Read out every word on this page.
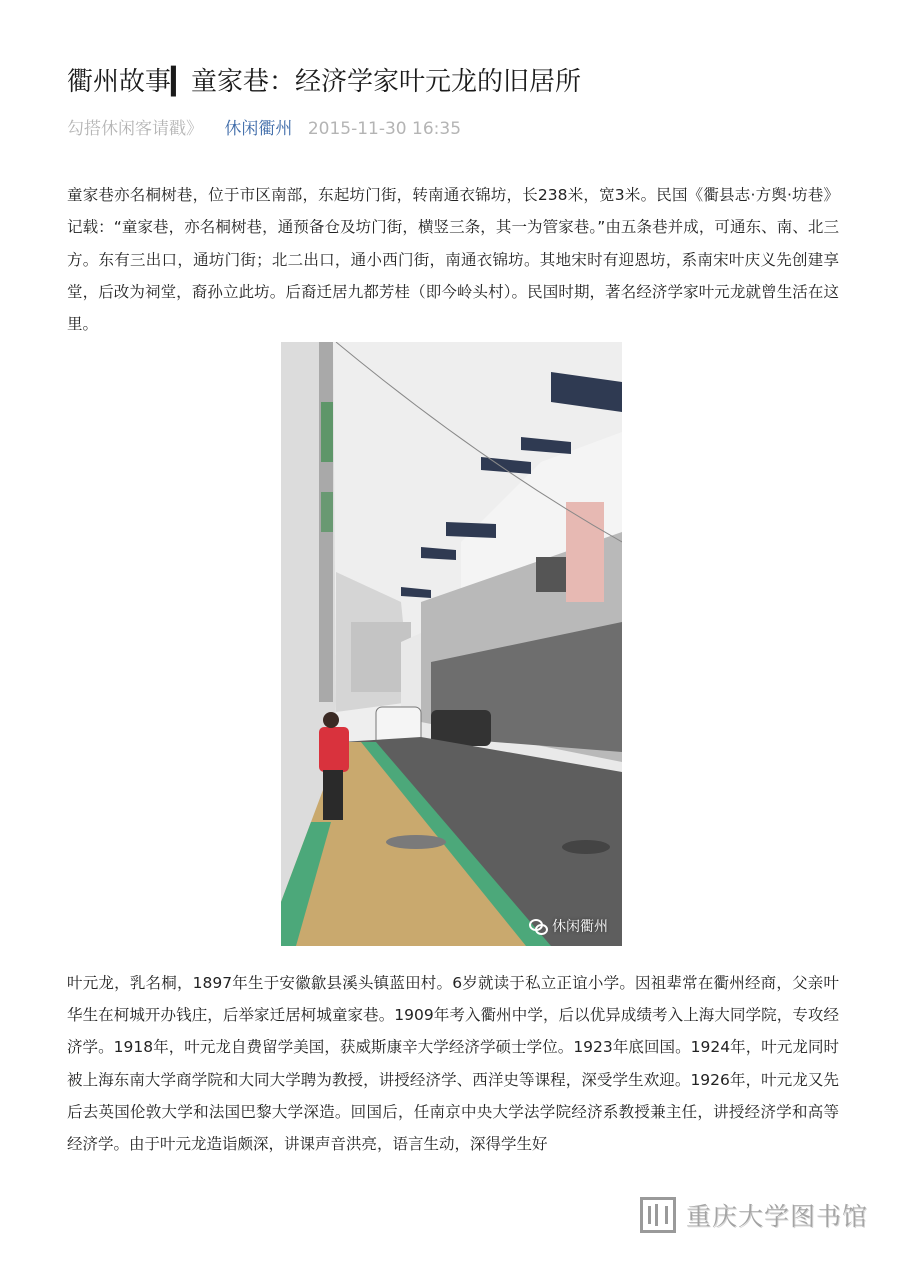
衢州故事▎童家巷：经济学家叶元龙的旧居所
勾搭休闲客请戳》 休闲衢州 2015-11-30 16:35
童家巷亦名桐树巷，位于市区南部，东起坊门街，转南通衣锦坊，长238米，宽3米。民国《衢县志·方舆·坊巷》记载：“童家巷，亦名桐树巷，通预备仓及坊门街，横竖三条，其一为管家巷。”由五条巷并成，可通东、南、北三方。东有三出口，通坊门街；北二出口，通小西门街，南通衣锦坊。其地宋时有迎恩坊，系南宋叶庆义先创建享堂，后改为祠堂，裔孙立此坊。后裔迁居九都芳桂（即今岭头村）。民国时期，著名经济学家叶元龙就曾生活在这里。
休闲衢州
叶元龙，乳名桐，1897年生于安徽歙县溪头镇蓝田村。6岁就读于私立正谊小学。因祖辈常在衢州经商，父亲叶华生在柯城开办钱庄，后举家迁居柯城童家巷。1909年考入衢州中学，后以优异成绩考入上海大同学院，专攻经济学。1918年，叶元龙自费留学美国，获威斯康辛大学经济学硕士学位。1923年底回国。1924年，叶元龙同时被上海东南大学商学院和大同大学聘为教授，讲授经济学、西洋史等课程，深受学生欢迎。1926年，叶元龙又先后去英国伦敦大学和法国巴黎大学深造。回国后，任南京中央大学法学院经济系教授兼主任，讲授经济学和高等经济学。由于叶元龙造诣颇深，讲课声音洪亮，语言生动，深得学生好
重庆大学图书馆
